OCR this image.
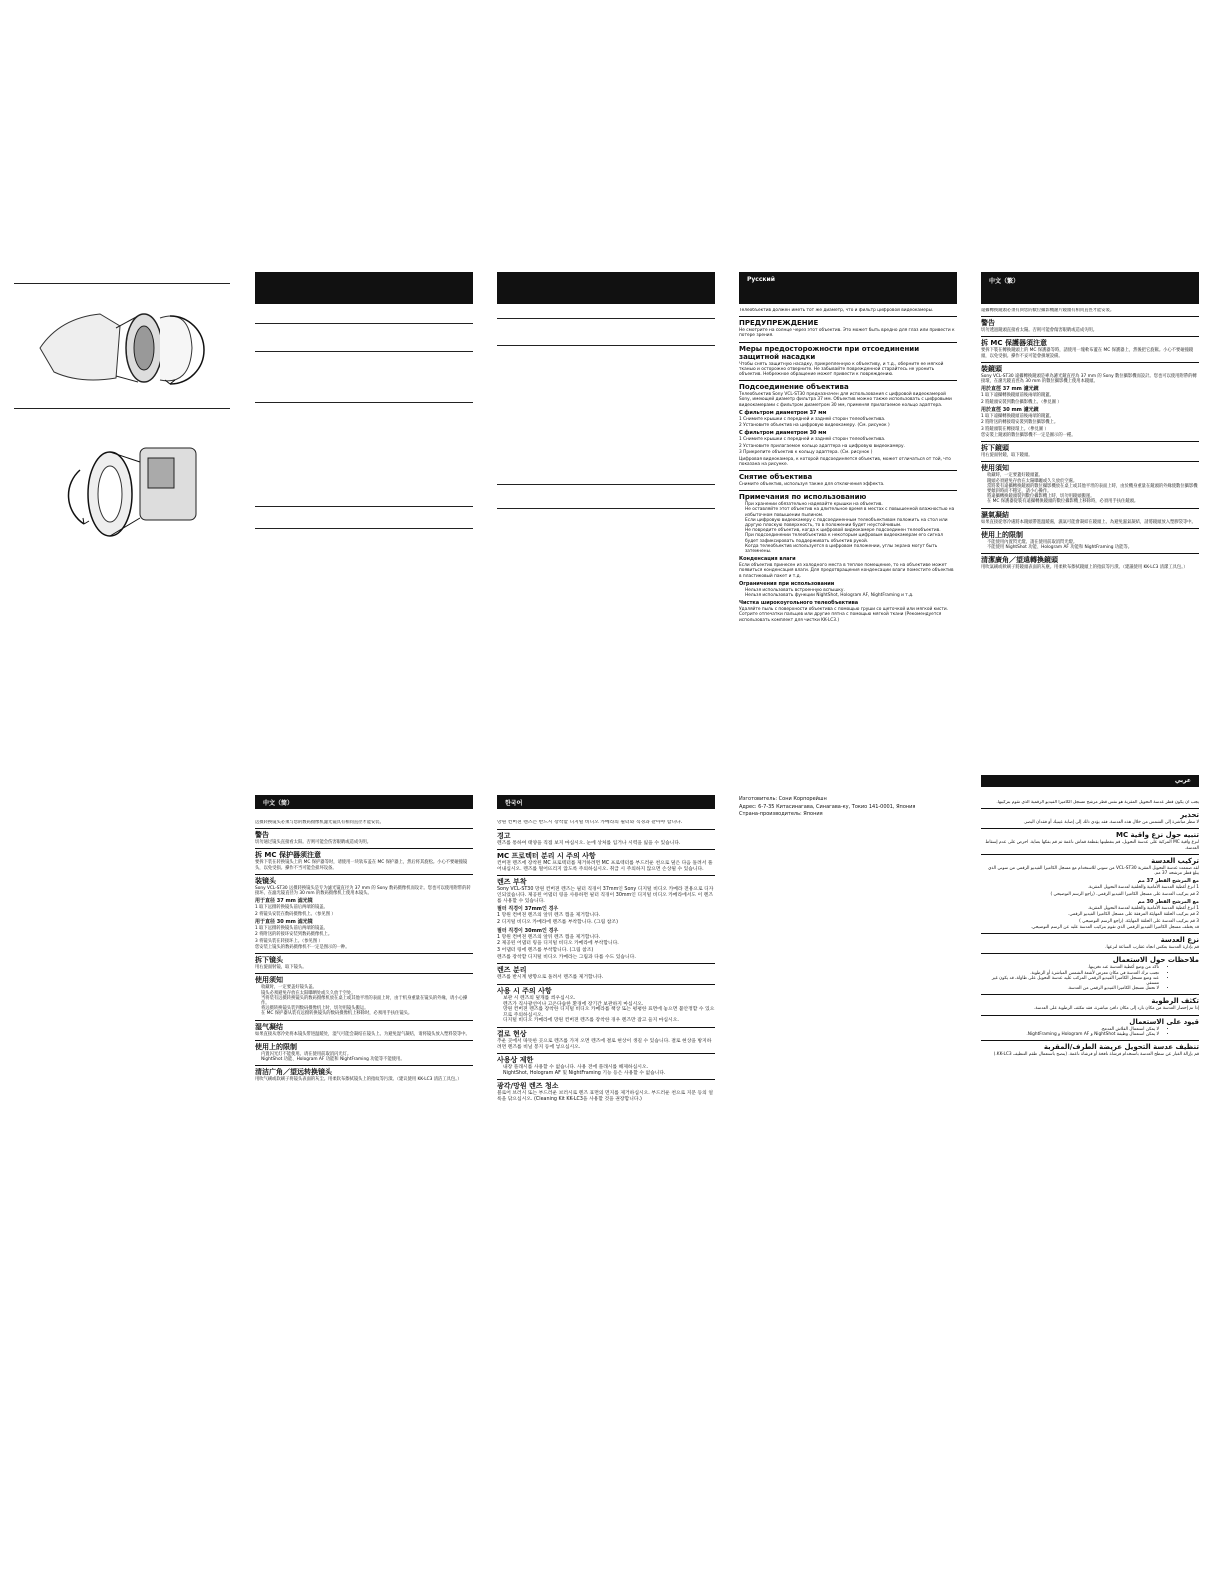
Русский

Телеобъектив должен иметь тот же диаметр, что и фильтр цифровой видеокамеры.

ПРЕДУПРЕЖДЕНИЕ

Не смотрите на солнце через этот объектив. Это может быть вредно для глаз или привести к потере зрения.

Меры предосторожности при отсоединении защитной насадки

Чтобы снять защитную насадку, прикрепленную к объективу, и т.д., оберните ее мягкой тканью и осторожно отверните. Не забывайте поврежденной старайтесь не уронить объектив. Небрежное обращение может привести к повреждению.

Подсоединение объектива

Телеобъектив Sony VCL-ST30 предназначен для использования с цифровой видеокамерой Sony, имеющей диаметр фильтра 37 мм. Объектив можно также использовать с цифровыми видеокамерами с фильтром диаметром 30 мм, применяя прилагаемое кольцо адаптера.

С фильтром диаметром 37 мм

1 Снимите крышки с передней и задней сторон телеобъектива.

2 Установите объектив на цифровую видеокамеру. (См. рисунок )

С фильтром диаметром 30 мм

1 Снимите крышки с передней и задней сторон телеобъектива.

2 Установите прилагаемое кольцо адаптера на цифровую видеокамеру.

3 Прикрепите объектив к кольцу адаптера. (См. рисунок )

Цифровая видеокамера, к которой подсоединяется объектив, может отличаться от той, что показана на рисунке.

Снятие объектива

Снимите объектив, используя также для отключения эффекта.

Примечания по использованию
• При хранении обязательно надевайте крышки на объектив.
• Не оставляйте этот объектив на длительное время в местах с повышенной влажностью на избыточном повышении пылином.
• Если цифровую видеокамеру с подсоединенным телеобъективом положить на стол или другую плоскую поверхность, то в положении будет неустойчивым.
• Не повредите объектив, когда к цифровой видеокамере подсоединен телеобъектив.
• При подсоединении телеобъектива к некоторым цифровым видеокамерам его сигнал будет зафиксировать поддерживать объектив рукой.
• Когда телеобъектив используется в цифровом положении, углы экрана могут быть затемнены.
Конденсация влаги

Если объектив принесен из холодного места в теплое помещение, то на объективе может появиться конденсация влаги. Для предотвращения конденсации влаги поместите объектив в пластиковый пакет и т.д.

Ограничения при использовании
• Нельзя использовать встроенную вспышку.
• Нельзя использовать функции NightShot, Hologram AF, NightFraming и т.д.
Чистка широкоугольного телеобъектива

Удаляйте пыль с поверхности объектива с помощью груши со щеточкой или мягкой кисти. Сотрите отпечатки пальцев или другие пятна с помощью мягкой ткани (Рекомендуется использовать комплект для чистки KK-LC3.)

Изготовитель: Сони Корпорейшн

Адрес: 6-7-35 Китасинагава, Синагава-ку, Токио 141-0001, Япония

Страна-производитель: Япония

中文（繁）

遠攝轉換鏡頭必須有與您的數位攝影機濾片鏡頭有相同直徑才能安裝。

警告

切勿透過鏡頭直接看太陽。否則可能會傷害眼睛或造成失明。

拆 MC 保護器須注意

要拆下裝在轉換鏡頭上的 MC 保護器等時，請使用一塊軟布蓋在 MC 保護器上，然後把它旋鬆。小心不要碰撞鏡頭，以免受損。操作不妥可能會損壞設備。

裝鏡頭

Sony VCL-ST30 遠攝轉換鏡頭是專為濾光鏡直徑為 37 mm 的 Sony 數位攝影機而設計。您也可以使用附帶的轉接環，在濾光鏡直徑為 30 mm 的數位攝影機上使用本鏡頭。

用於直徑 37 mm 濾光鏡

1 取下遠攝轉換鏡頭前後兩端的鏡蓋。

2 將鏡頭安裝到數位攝影機上。（參見圖 ）

用於直徑 30 mm 濾光鏡

1 取下遠攝轉換鏡頭前後兩端的鏡蓋。

2 將附送的轉接環安裝到數位攝影機上。

3 將鏡頭裝在轉接環上。（參見圖 ）

您安裝上鏡頭的數位攝影機不一定是圖示的一種。

拆下鏡頭

用右旋面射鏡，取下鏡頭。

使用須知
• 收藏時，一定要蓋好鏡頭蓋。
• 鏡頭必須避免存放在太陽曝曬或久久放於空處。
• 當將裝有遠攝轉換鏡頭的數位攝影機放在桌上或其他平坦的表面上時，由於機身重量在鏡頭的外緣使數位攝影機要傾斜時而不穩定，請小心操作。
• 將遠攝轉換鏡頭裝到數位攝影機上時，切勿用鏡頭搬運。
• 在 MC 保護器從裝有遠攝轉換鏡頭的數位攝影機上移除時，必須用手扶住鏡頭。
濕氣凝結

如果直接從寒冷處將本鏡頭帶進溫暖處，濕氣可能會凝結在鏡頭上。為避免濕氣凝結，請將鏡頭放入塑膠袋等中。

使用上的限制
• 不能使用內置閃光燈。請在使用前取消閃光燈。
• 不能使用 NightShot 功能、Hologram AF 功能和 NightFraming 功能等。
清潔廣角／望遠轉換鏡頭

用吹氣刷或軟刷子將鏡頭表面的灰塵。用柔軟布擦拭鏡頭上的指紋等污漬。（建議使用 KK-LC3 清潔工具包。）

中文（简）

远摄转换镜头必须与您的数码摄像机滤光镜具有相同直径才能安装。

警告

切勿通过镜头直接看太阳。否则可能会伤害眼睛或造成失明。

拆 MC 保护器须注意

要拆下装在转换镜头上的 MC 保护器等时，请使用一块软布盖在 MC 保护器上，然后将其旋松。小心不要碰撞镜头，以免受损。操作不当可能会损坏设备。

装镜头

Sony VCL-ST30 远摄转换镜头是专为滤光镜直径为 37 mm 的 Sony 数码摄像机而设计。您也可以使用附带的转接环，在滤光镜直径为 30 mm 的数码摄像机上使用本镜头。

用于直径 37 mm 滤光镜

1 取下远摄转换镜头前后两端的镜盖。

2 将镜头安装在数码摄像机上。（参见图 ）

用于直径 30 mm 滤光镜

1 取下远摄转换镜头前后两端的镜盖。

2 将附送的转接环安装到数码摄像机上。

3 将镜头装在转接环上。（参见图 ）

您安装上镜头的数码摄像机不一定是图示的一种。

拆下镜头

用右旋面射镜，取下镜头。

使用须知
• 收藏时，一定要盖好镜头盖。
• 镜头必须避免存放在太阳曝晒处或久久放于空处。
• 当将装有远摄转换镜头的数码摄像机放在桌上或其他平坦的表面上时，由于机身重量在镜头的外缘，请小心操作。
• 将远摄转换镜头装到数码摄像机上时，切勿用镜头搬运。
• 在 MC 保护器从装有远摄转换镜头的数码摄像机上移除时，必须用手扶住镜头。
湿气凝结

如果直接从寒冷处将本镜头带进温暖处，湿气可能会凝结在镜头上。为避免湿气凝结，请将镜头放入塑料袋等中。

使用上的限制
• 内置闪光灯不能使用。请在使用前取消闪光灯。
• NightShot 功能、Hologram AF 功能和 NightFraming 功能等不能使用。
清洁广角／望远转换镜头

用吹气刷或软刷子将镜头表面的灰尘。用柔软布擦拭镜头上的指纹等污渍。（建议使用 KK-LC3 清洁工具包。）

한국어

망원 컨버젼 렌즈는 반드시 장착할 디지털 비디오 카메라의 필터와 직경과 같아야 합니다.

경고

렌즈를 통하여 태양을 직접 보지 마십시오. 눈에 상처를 입거나 시력을 잃을 수 있습니다.

MC 프로텍터 분리 시 주의 사항

컨버젼 렌즈에 장착된 MC 프로텍터를 제거하려면 MC 프로텍터를 부드러운 천으로 덮은 다음 돌려서 풀어내십시오. 렌즈를 떨어뜨리지 않도록 주의하십시오. 취급 시 주의하지 않으면 손상될 수 있습니다.

렌즈 부착

Sony VCL-ST30 망원 컨버젼 렌즈는 필터 직경이 37mm인 Sony 디지털 비디오 카메라 전용으로 디자인되었습니다. 제공된 어댑터 링을 사용하면 필터 직경이 30mm인 디지털 비디오 카메라에서도 이 렌즈를 사용할 수 있습니다.

필터 직경이 37mm인 경우

1 망원 컨버젼 렌즈의 앞뒤 렌즈 캡을 제거합니다.

2 디지털 비디오 카메라에 렌즈를 부착합니다. (그림 참조)

필터 직경이 30mm인 경우

1 망원 컨버젼 렌즈의 앞뒤 렌즈 캡을 제거합니다.

2 제공된 어댑터 링을 디지털 비디오 카메라에 부착합니다.

3 어댑터 링에 렌즈를 부착합니다. (그림 참조)

렌즈를 장착할 디지털 비디오 카메라는 그림과 다를 수도 있습니다.

렌즈 분리

렌즈를 반시계 방향으로 돌려서 렌즈를 제거합니다.

사용 시 주의 사항
• 보관 시 렌즈의 덮개를 씌우십시오.
• 렌즈가 직사광선이나 고온다습한 환경에 장기간 보관하지 마십시오.
• 망원 컨버젼 렌즈를 장착한 디지털 비디오 카메라를 책상 또는 평평한 표면에 놓으면 불안정할 수 있으므로 주의하십시오.
• 디지털 비디오 카메라에 망원 컨버젼 렌즈를 장착한 경우 렌즈만 잡고 들지 마십시오.
결로 현상

추운 곳에서 따뜻한 곳으로 렌즈를 가져 오면 렌즈에 결로 현상이 생길 수 있습니다. 결로 현상을 방지하려면 렌즈를 비닐 봉지 등에 넣으십시오.

사용상 제한
• 내장 플래시를 사용할 수 없습니다. 사용 전에 플래시를 해제하십시오.
• NightShot, Hologram AF 및 NightFraming 기능 등은 사용할 수 없습니다.
광각/망원 렌즈 청소

블로어 브러시 또는 부드러운 브러시로 렌즈 표면의 먼지를 제거하십시오. 부드러운 천으로 지문 등의 얼룩을 닦으십시오. (Cleaning Kit KK-LC3을 사용할 것을 권장합니다.)

عربي

يجب أن يكون قطر عدسة التحويل المقربة هو نفس قطر مرشح مسجل الكاميرا الفيديو الرقمية الذي تقوم بتركيبها.

تحذير

لا تنظر مباشرة إلى الشمس من خلال هذه العدسة. فقد يؤدي ذلك إلى إصابة عينيك أو فقدان البصر.

تنبيه حول نزع واقية MC

لنزع واقية MC المركبة على عدسة التحويل، قم بتغطيتها بقطعة قماش ناعمة ثم قم بفكها بعناية. احرص على عدم إسقاط العدسة.

تركيب العدسة

لقد صممت عدسة التحويل المقربة VCL-ST30 من سوني للاستخدام مع مسجل الكاميرا الفيديو الرقمي من سوني الذي يبلغ قطر مرشحه 37 مم.

مع المرشح القطر 37 مم

1 انزع أغطية العدسة الأمامية والخلفية لعدسة التحويل المقربة.

2 قم بتركيب العدسة على مسجل الكاميرا الفيديو الرقمي. (راجع الرسم التوضيحي )

مع المرشح القطر 30 مم

1 انزع أغطية العدسة الأمامية والخلفية لعدسة التحويل المقربة.

2 قم بتركيب الحلقة المهايئة المرفقة على مسجل الكاميرا الفيديو الرقمي.

3 قم بتركيب العدسة على الحلقة المهايئة. (راجع الرسم التوضيحي )

قد يختلف مسجل الكاميرا الفيديو الرقمي الذي تقوم بتركيب العدسة عليه عن الرسم التوضيحي.

نزع العدسة

قم بإدارة العدسة بعكس اتجاه عقارب الساعة لنزعها.

ملاحظات حول الاستعمال
• تأكد من وضع أغطية العدسة عند تخزينها.
• تجنب ترك العدسة في مكان معرض لأشعة الشمس المباشرة أو الرطوبة.
• عند وضع مسجل الكاميرا الفيديو الرقمي المركب عليه عدسة التحويل على طاولة، قد يكون غير مستقر.
• لا تحمل مسجل الكاميرا الفيديو الرقمي من العدسة.
تكثف الرطوبة

إذا تم إحضار العدسة من مكان بارد إلى مكان دافئ مباشرة، فقد تتكثف الرطوبة على العدسة.

قيود على الاستعمال
• لا يمكن استعمال الفلاش المدمج.
• لا يمكن استعمال وظيفة NightShot و Hologram AF و NightFraming.
تنظيف عدسة التحويل عريضة الطرف/المقربة

قم بإزالة الغبار عن سطح العدسة باستخدام فرشاة نافخة أو فرشاة ناعمة. (ينصح باستعمال طقم التنظيف KK-LC3.)
